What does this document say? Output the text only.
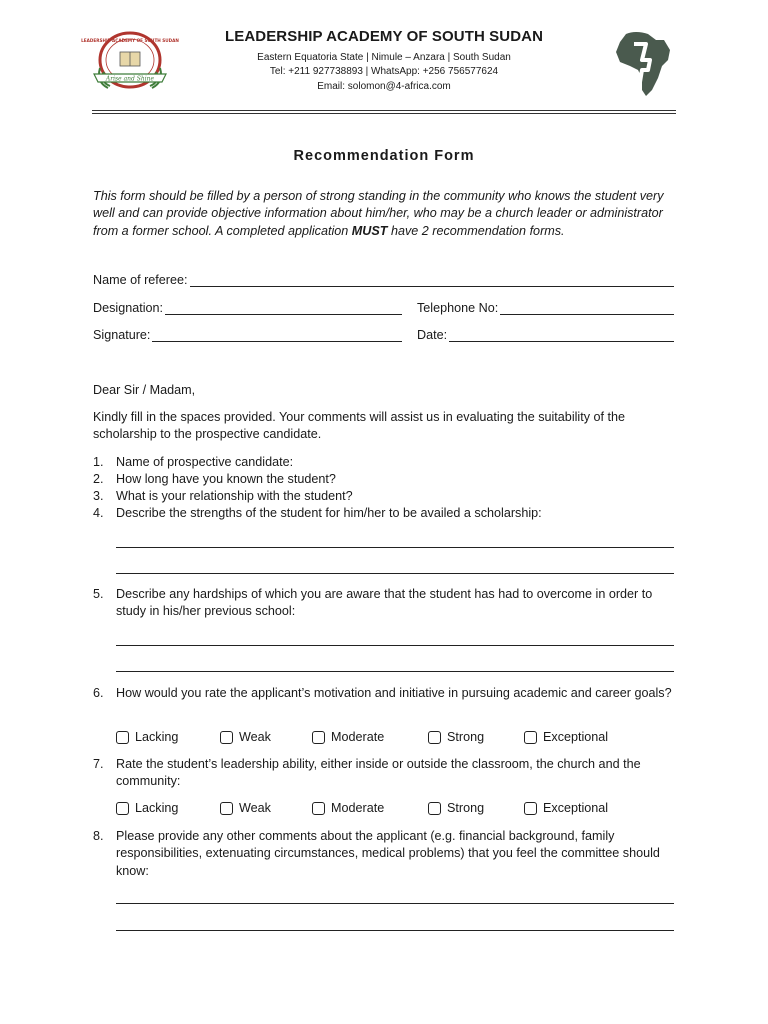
Arise and Shine
LEADERSHIP ACADEMY OF SOUTH SUDAN	LEADERSHIP ACADEMY OF SOUTH SUDAN
Eastern Equatoria State | Nimule – Anzara | South Sudan
Tel: +211 927738893 | WhatsApp: +256 756577624
Email: solomon@4-africa.com
Recommendation Form
This form should be filled by a person of strong standing in the community who knows the student very well and can provide objective information about him/her, who may be a church leader or administrator from a former school. A completed application MUST have 2 recommendation forms.
Name of referee:
Designation:	Telephone No:
Signature:	Date:
Dear Sir / Madam,
Kindly fill in the spaces provided. Your comments will assist us in evaluating the suitability of the scholarship to the prospective candidate.
1. Name of prospective candidate:
2. How long have you known the student?
3. What is your relationship with the student?
4. Describe the strengths of the student for him/her to be availed a scholarship:
5. Describe any hardships of which you are aware that the student has had to overcome in order to study in his/her previous school:
6. How would you rate the applicant’s motivation and initiative in pursuing academic and career goals?
Lacking	Weak	Moderate	Strong	Exceptional
7. Rate the student’s leadership ability, either inside or outside the classroom, the church and the community:
Lacking	Weak	Moderate	Strong	Exceptional
8. Please provide any other comments about the applicant (e.g. financial background, family responsibilities, extenuating circumstances, medical problems) that you feel the committee should know:
